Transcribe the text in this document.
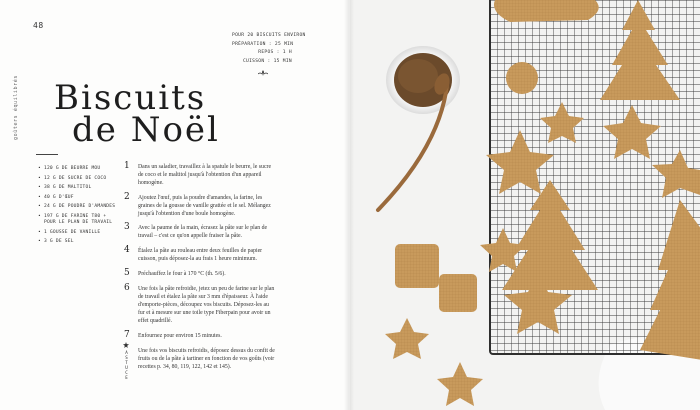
48
goûters équilibrés
POUR 20 BISCUITS ENVIRON
PRÉPARATION : 25 MIN
REPOS : 1 H
CUISSON : 15 MIN
Biscuits
de Noël
• 120 G DE BEURRE MOU
• 12 G DE SUCRE DE COCO
• 38 G DE MALTITOL
• 40 G D'ŒUF
• 24 G DE POUDRE D'AMANDES
• 197 G DE FARINE T80 + POUR LE PLAN DE TRAVAIL
• 1 GOUSSE DE VANILLE
• 3 G DE SEL
1 Dans un saladier, travaillez à la spatule le beurre, le sucre de coco et le maltitol jusqu'à l'obtention d'un appareil homogène.
2 Ajoutez l'œuf, puis la poudre d'amandes, la farine, les graines de la gousse de vanille grattée et le sel. Mélangez jusqu'à l'obtention d'une boule homogène.
3 Avec la paume de la main, écrasez la pâte sur le plan de travail – c'est ce qu'on appelle fraiser la pâte.
4 Étalez la pâte au rouleau entre deux feuilles de papier cuisson, puis déposez-la au frais 1 heure minimum.
5 Préchauffez le four à 170 °C (th. 5/6).
6 Une fois la pâte refroidie, jetez un peu de farine sur le plan de travail et étalez la pâte sur 3 mm d'épaisseur. À l'aide d'emporte-pièces, découpez vos biscuits. Déposez-les au fur et à mesure sur une toile type Fiberpain pour avoir un effet quadrillé.
7 Enfournez pour environ 15 minutes.
ASTUCE
Une fois vos biscuits refroidis, déposez dessus du confit de fruits ou de la pâte à tartiner en fonction de vos goûts (voir recettes p. 34, 80, 119, 122, 142 et 145).
